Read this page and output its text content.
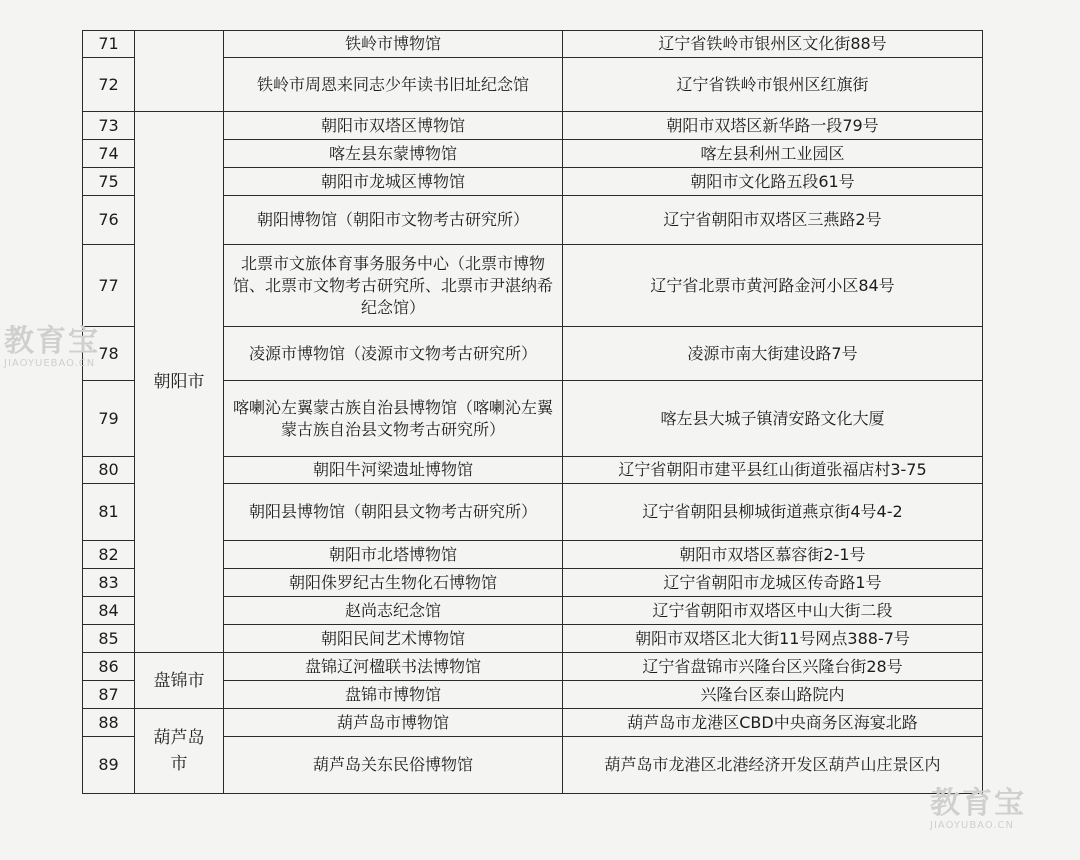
71		铁岭市博物馆	辽宁省铁岭市银州区文化街88号
72		铁岭市周恩来同志少年读书旧址纪念馆	辽宁省铁岭市银州区红旗街
73	朝阳市	朝阳市双塔区博物馆	朝阳市双塔区新华路一段79号
74		喀左县东蒙博物馆	喀左县利州工业园区
75		朝阳市龙城区博物馆	朝阳市文化路五段61号
76		朝阳博物馆（朝阳市文物考古研究所）	辽宁省朝阳市双塔区三燕路2号
77		北票市文旅体育事务服务中心（北票市博物馆、北票市文物考古研究所、北票市尹湛纳希纪念馆）	辽宁省北票市黄河路金河小区84号
78		凌源市博物馆（凌源市文物考古研究所）	凌源市南大街建设路7号
79		喀喇沁左翼蒙古族自治县博物馆（喀喇沁左翼蒙古族自治县文物考古研究所）	喀左县大城子镇清安路文化大厦
80		朝阳牛河梁遗址博物馆	辽宁省朝阳市建平县红山街道张福店村3-75
81		朝阳县博物馆（朝阳县文物考古研究所）	辽宁省朝阳县柳城街道燕京街4号4-2
82		朝阳市北塔博物馆	朝阳市双塔区慕容街2-1号
83		朝阳侏罗纪古生物化石博物馆	辽宁省朝阳市龙城区传奇路1号
84		赵尚志纪念馆	辽宁省朝阳市双塔区中山大街二段
85		朝阳民间艺术博物馆	朝阳市双塔区北大街11号网点388-7号
86	盘锦市	盘锦辽河楹联书法博物馆	辽宁省盘锦市兴隆台区兴隆台街28号
87		盘锦市博物馆	兴隆台区泰山路院内
88	葫芦岛市	葫芦岛市博物馆	葫芦岛市龙港区CBD中央商务区海宴北路
89		葫芦岛关东民俗博物馆	葫芦岛市龙港区北港经济开发区葫芦山庄景区内
教育宝
JIAOYUEBAO.CN
教育宝
JIAOYUBAO.CN
